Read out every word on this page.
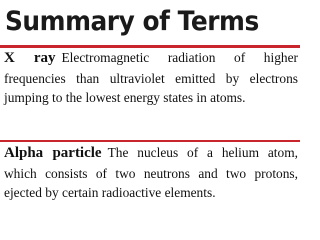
Summary of Terms
X ray Electromagnetic radiation of higher frequencies than ultraviolet emitted by electrons jumping to the lowest energy states in atoms.
Alpha particle The nucleus of a helium atom, which consists of two neutrons and two protons, ejected by certain radioactive elements.
